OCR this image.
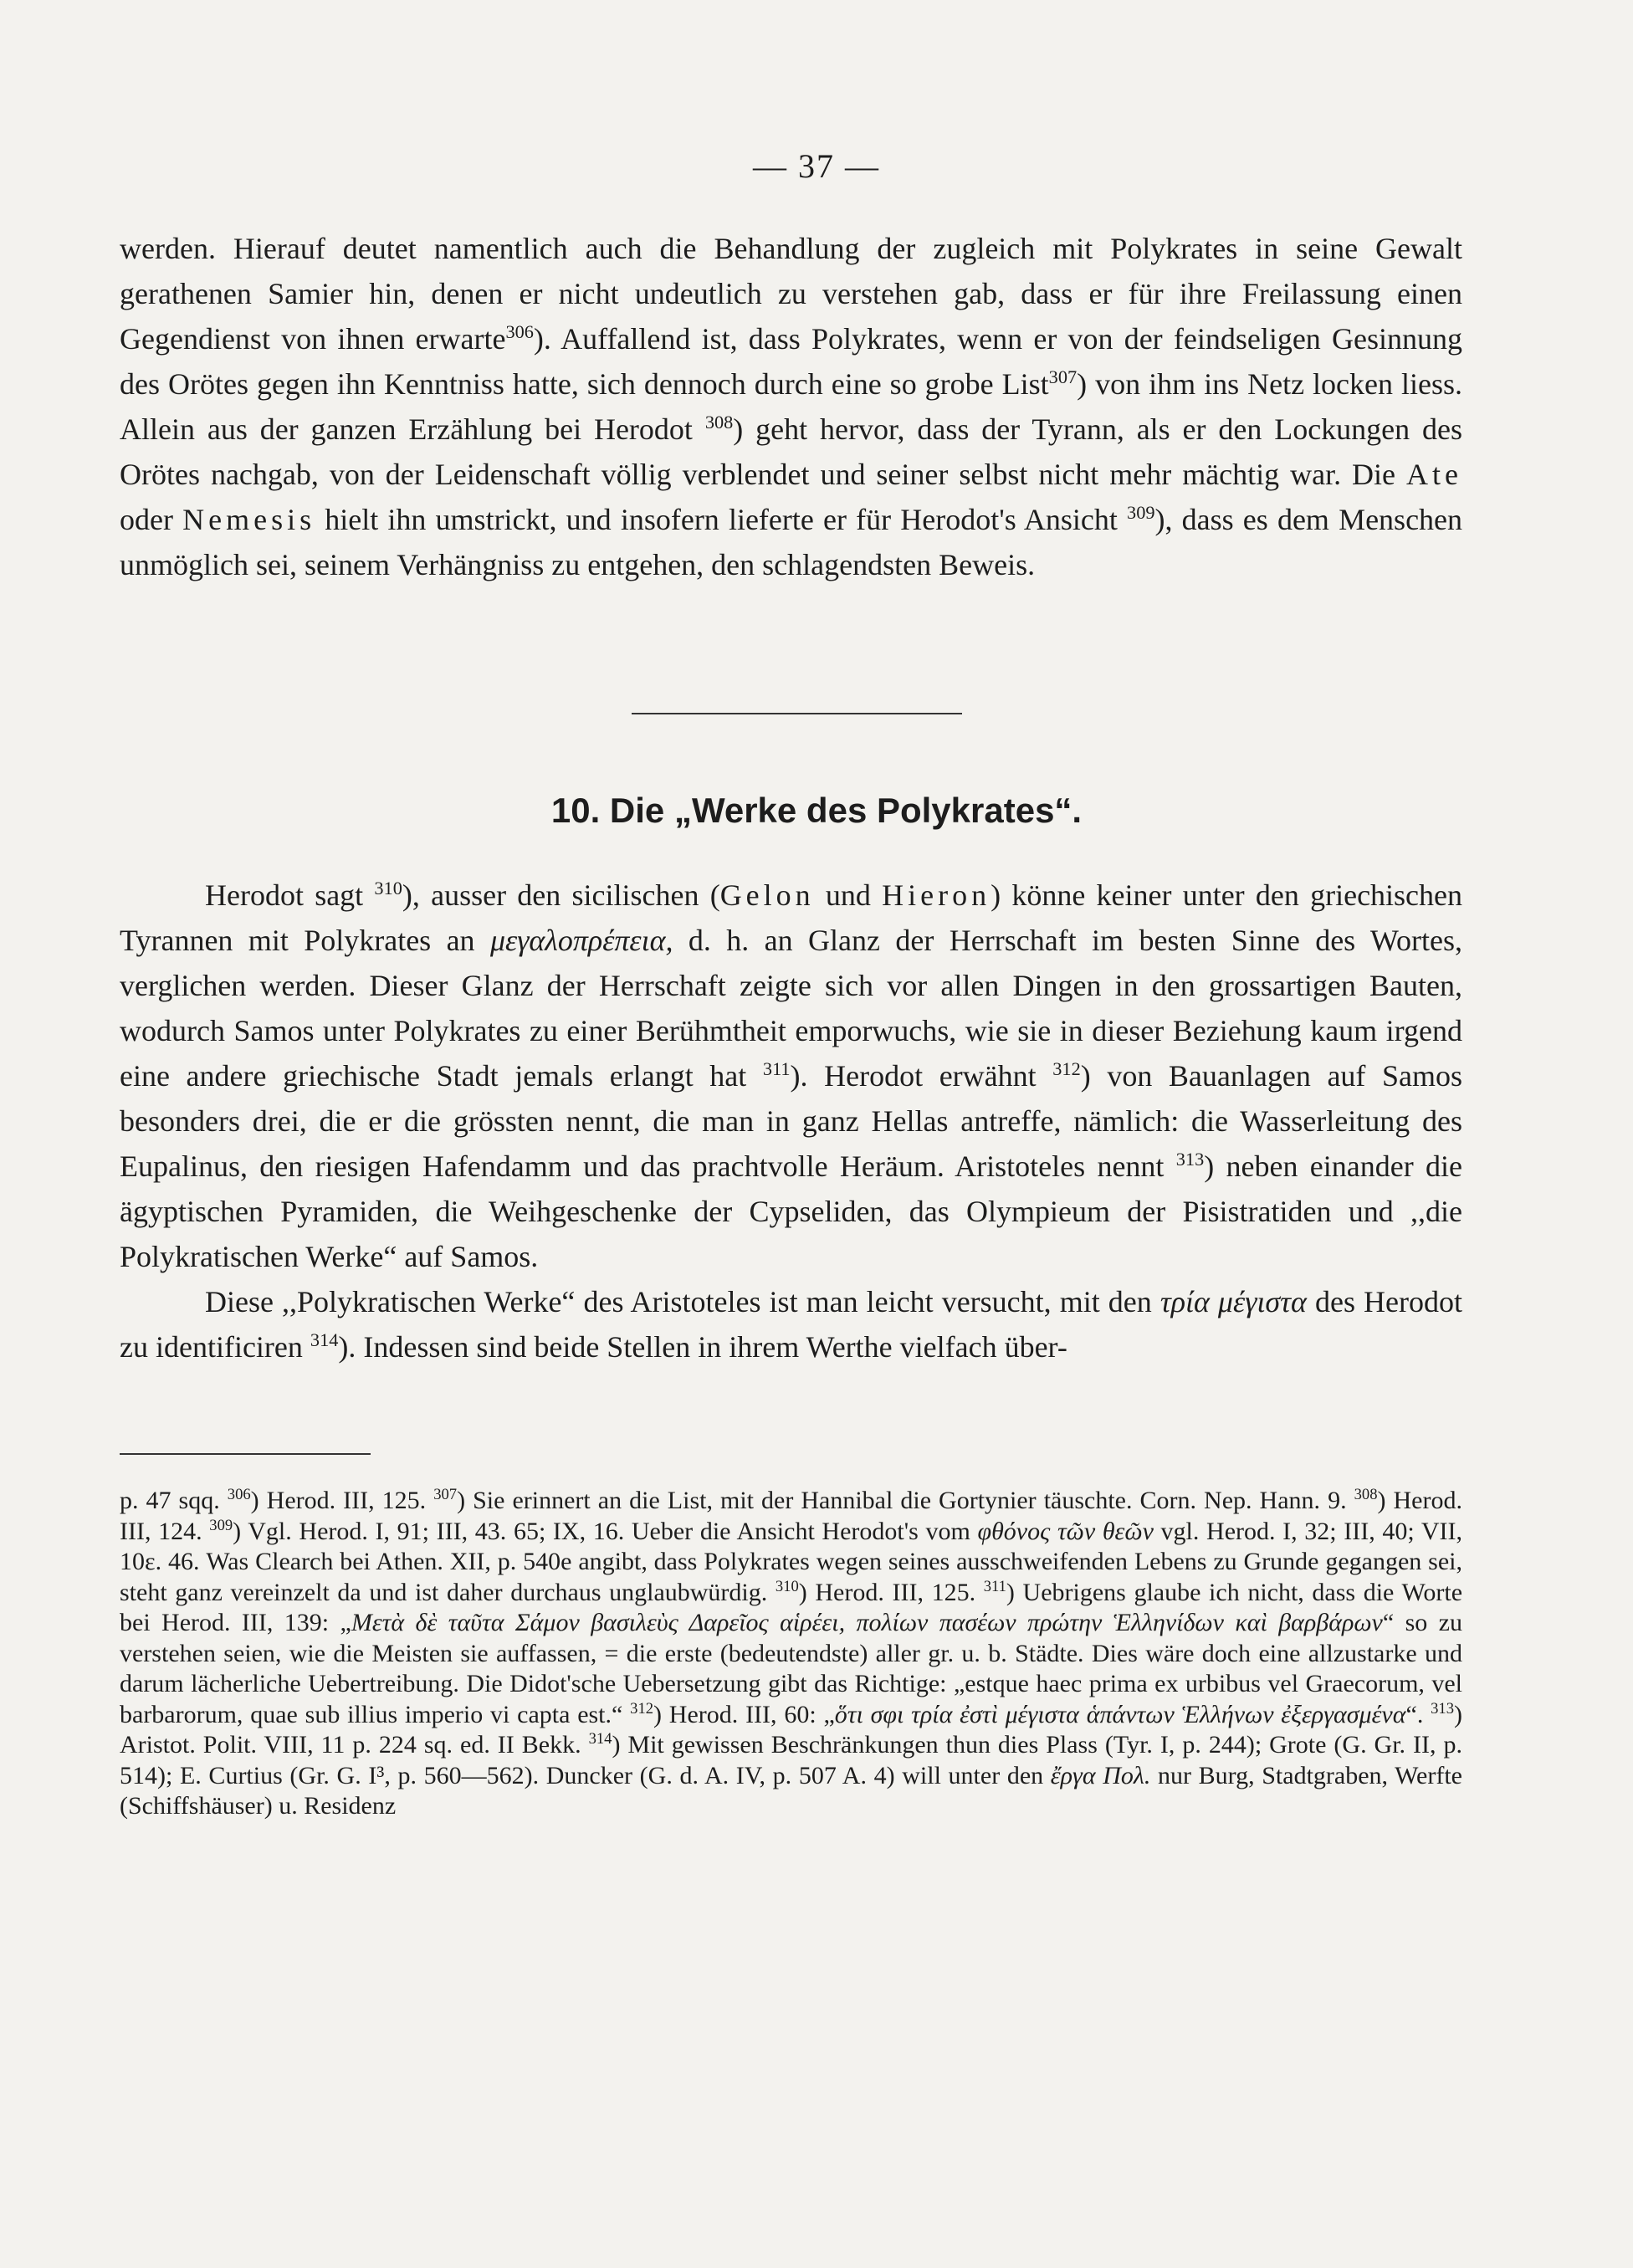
— 37 —

werden. Hierauf deutet namentlich auch die Behandlung der zugleich mit Polykrates in seine Gewalt gerathenen Samier hin, denen er nicht undeutlich zu verstehen gab, dass er für ihre Freilassung einen Gegendienst von ihnen erwarte$^{306}$). Auffallend ist, dass Polykrates, wenn er von der feindseligen Gesinnung des Orötes gegen ihn Kenntniss hatte, sich dennoch durch eine so grobe List$^{307}$) von ihm ins Netz locken liess. Allein aus der ganzen Erzählung bei Herodot $^{308}$) geht hervor, dass der Tyrann, als er den Lockungen des Orötes nachgab, von der Leidenschaft völlig verblendet und seiner selbst nicht mehr mächtig war. Die Ate oder Nemesis hielt ihn umstrickt, und insofern lieferte er für Herodot's Ansicht $^{309}$), dass es dem Menschen unmöglich sei, seinem Verhängniss zu entgehen, den schlagendsten Beweis.

10. Die „Werke des Polykrates“.

Herodot sagt $^{310}$), ausser den sicilischen (Gelon und Hieron) könne keiner unter den griechischen Tyrannen mit Polykrates an μεγαλοπρέπεια, d. h. an Glanz der Herrschaft im besten Sinne des Wortes, verglichen werden. Dieser Glanz der Herrschaft zeigte sich vor allen Dingen in den grossartigen Bauten, wodurch Samos unter Polykrates zu einer Berühmtheit emporwuchs, wie sie in dieser Beziehung kaum irgend eine andere griechische Stadt jemals erlangt hat $^{311}$). Herodot erwähnt $^{312}$) von Bauanlagen auf Samos besonders drei, die er die grössten nennt, die man in ganz Hellas antreffe, nämlich: die Wasserleitung des Eupalinus, den riesigen Hafendamm und das prachtvolle Heräum. Aristoteles nennt $^{313}$) neben einander die ägyptischen Pyramiden, die Weihgeschenke der Cypseliden, das Olympieum der Pisistratiden und ,,die Polykratischen Werke“ auf Samos.

Diese ,,Polykratischen Werke“ des Aristoteles ist man leicht versucht, mit den τρία μέγιστα des Herodot zu identificiren $^{314}$). Indessen sind beide Stellen in ihrem Werthe vielfach über-

p. 47 sqq. $^{306}$) Herod. III, 125. $^{307}$) Sie erinnert an die List, mit der Hannibal die Gortynier täuschte. Corn. Nep. Hann. 9. $^{308}$) Herod. III, 124. $^{309}$) Vgl. Herod. I, 91; III, 43. 65; IX, 16. Ueber die Ansicht Herodot's vom φθόνος τῶν θεῶν vgl. Herod. I, 32; III, 40; VII, 10ε. 46. Was Clearch bei Athen. XII, p. 540e angibt, dass Polykrates wegen seines ausschweifenden Lebens zu Grunde gegangen sei, steht ganz vereinzelt da und ist daher durchaus unglaubwürdig. $^{310}$) Herod. III, 125. $^{311}$) Uebrigens glaube ich nicht, dass die Worte bei Herod. III, 139: „Μετὰ δὲ ταῦτα Σάμον βασιλεὺς Δαρεῖος αἱρέει, πολίων πασέων πρώτην Ἑλληνίδων καὶ βαρβάρων“ so zu verstehen seien, wie die Meisten sie auffassen, = die erste (bedeutendste) aller gr. u. b. Städte. Dies wäre doch eine allzustarke und darum lächerliche Uebertreibung. Die Didot'sche Uebersetzung gibt das Richtige: „estque haec prima ex urbibus vel Graecorum, vel barbarorum, quae sub illius imperio vi capta est.“ $^{312}$) Herod. III, 60: „ὅτι σφι τρία ἐστὶ μέγιστα ἁπάντων Ἑλλήνων ἐξεργασμένα“. $^{313}$) Aristot. Polit. VIII, 11 p. 224 sq. ed. II Bekk. $^{314}$) Mit gewissen Beschränkungen thun dies Plass (Tyr. I, p. 244); Grote (G. Gr. II, p. 514); E. Curtius (Gr. G. I³, p. 560—562). Duncker (G. d. A. IV, p. 507 A. 4) will unter den ἔργα Πολ. nur Burg, Stadtgraben, Werfte (Schiffshäuser) u. Residenz
